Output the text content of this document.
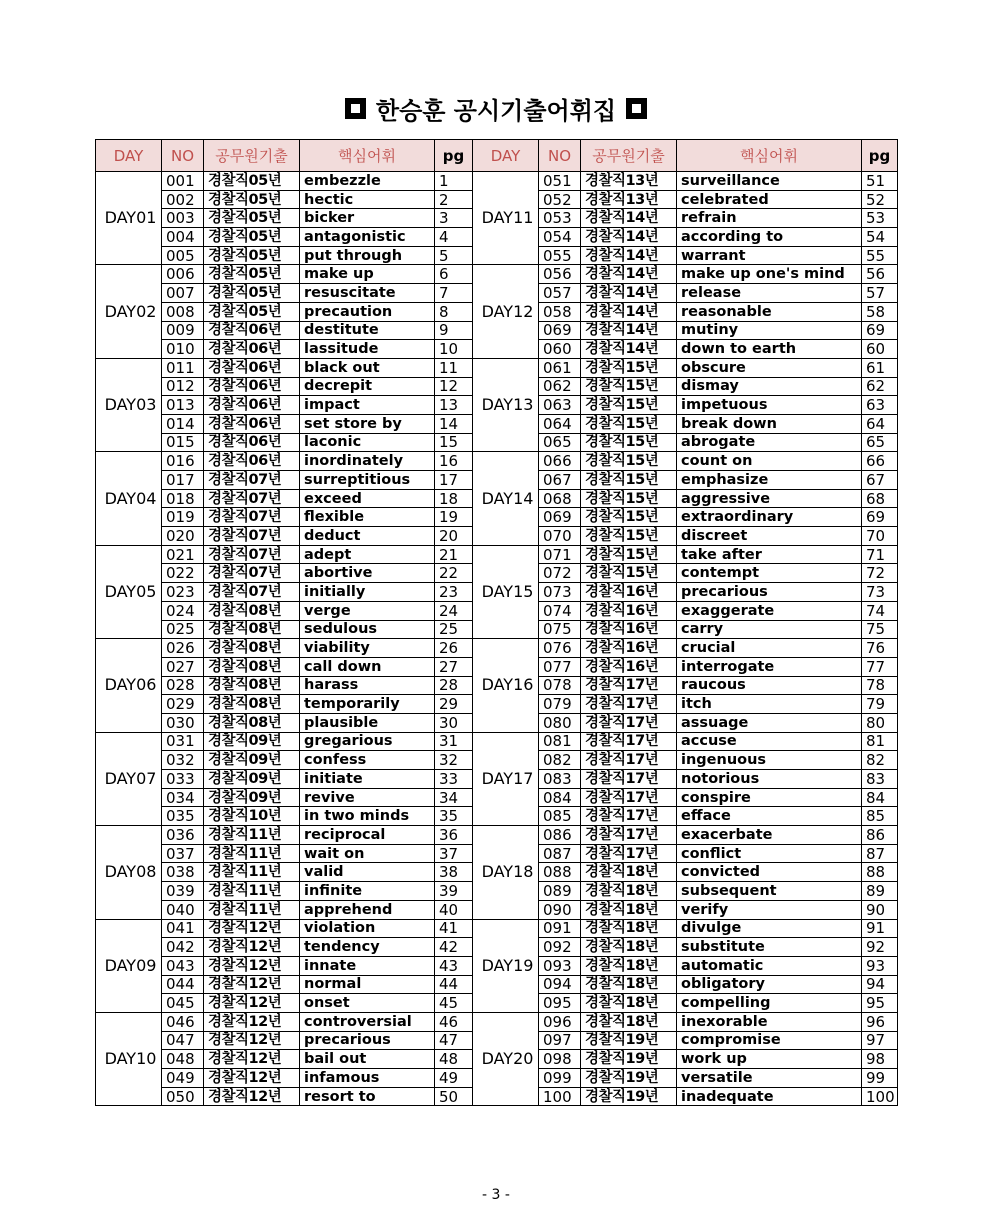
한승훈 공시기출어휘집
DAY	NO	공무원기출	핵심어휘	pg	DAY	NO	공무원기출	핵심어휘	pg
DAY01	001	경찰직05년	embezzle	1	DAY11	051	경찰직13년	surveillance	51
	002	경찰직05년	hectic	2		052	경찰직13년	celebrated	52
	003	경찰직05년	bicker	3		053	경찰직14년	refrain	53
	004	경찰직05년	antagonistic	4		054	경찰직14년	according to	54
	005	경찰직05년	put through	5		055	경찰직14년	warrant	55
DAY02	006	경찰직05년	make up	6	DAY12	056	경찰직14년	make up one's mind	56
	007	경찰직05년	resuscitate	7		057	경찰직14년	release	57
	008	경찰직05년	precaution	8		058	경찰직14년	reasonable	58
	009	경찰직06년	destitute	9		069	경찰직14년	mutiny	69
	010	경찰직06년	lassitude	10		060	경찰직14년	down to earth	60
DAY03	011	경찰직06년	black out	11	DAY13	061	경찰직15년	obscure	61
	012	경찰직06년	decrepit	12		062	경찰직15년	dismay	62
	013	경찰직06년	impact	13		063	경찰직15년	impetuous	63
	014	경찰직06년	set store by	14		064	경찰직15년	break down	64
	015	경찰직06년	laconic	15		065	경찰직15년	abrogate	65
DAY04	016	경찰직06년	inordinately	16	DAY14	066	경찰직15년	count on	66
	017	경찰직07년	surreptitious	17		067	경찰직15년	emphasize	67
	018	경찰직07년	exceed	18		068	경찰직15년	aggressive	68
	019	경찰직07년	flexible	19		069	경찰직15년	extraordinary	69
	020	경찰직07년	deduct	20		070	경찰직15년	discreet	70
DAY05	021	경찰직07년	adept	21	DAY15	071	경찰직15년	take after	71
	022	경찰직07년	abortive	22		072	경찰직15년	contempt	72
	023	경찰직07년	initially	23		073	경찰직16년	precarious	73
	024	경찰직08년	verge	24		074	경찰직16년	exaggerate	74
	025	경찰직08년	sedulous	25		075	경찰직16년	carry	75
DAY06	026	경찰직08년	viability	26	DAY16	076	경찰직16년	crucial	76
	027	경찰직08년	call down	27		077	경찰직16년	interrogate	77
	028	경찰직08년	harass	28		078	경찰직17년	raucous	78
	029	경찰직08년	temporarily	29		079	경찰직17년	itch	79
	030	경찰직08년	plausible	30		080	경찰직17년	assuage	80
DAY07	031	경찰직09년	gregarious	31	DAY17	081	경찰직17년	accuse	81
	032	경찰직09년	confess	32		082	경찰직17년	ingenuous	82
	033	경찰직09년	initiate	33		083	경찰직17년	notorious	83
	034	경찰직09년	revive	34		084	경찰직17년	conspire	84
	035	경찰직10년	in two minds	35		085	경찰직17년	efface	85
DAY08	036	경찰직11년	reciprocal	36	DAY18	086	경찰직17년	exacerbate	86
	037	경찰직11년	wait on	37		087	경찰직17년	conflict	87
	038	경찰직11년	valid	38		088	경찰직18년	convicted	88
	039	경찰직11년	infinite	39		089	경찰직18년	subsequent	89
	040	경찰직11년	apprehend	40		090	경찰직18년	verify	90
DAY09	041	경찰직12년	violation	41	DAY19	091	경찰직18년	divulge	91
	042	경찰직12년	tendency	42		092	경찰직18년	substitute	92
	043	경찰직12년	innate	43		093	경찰직18년	automatic	93
	044	경찰직12년	normal	44		094	경찰직18년	obligatory	94
	045	경찰직12년	onset	45		095	경찰직18년	compelling	95
DAY10	046	경찰직12년	controversial	46	DAY20	096	경찰직18년	inexorable	96
	047	경찰직12년	precarious	47		097	경찰직19년	compromise	97
	048	경찰직12년	bail out	48		098	경찰직19년	work up	98
	049	경찰직12년	infamous	49		099	경찰직19년	versatile	99
	050	경찰직12년	resort to	50		100	경찰직19년	inadequate	100
- 3 -
